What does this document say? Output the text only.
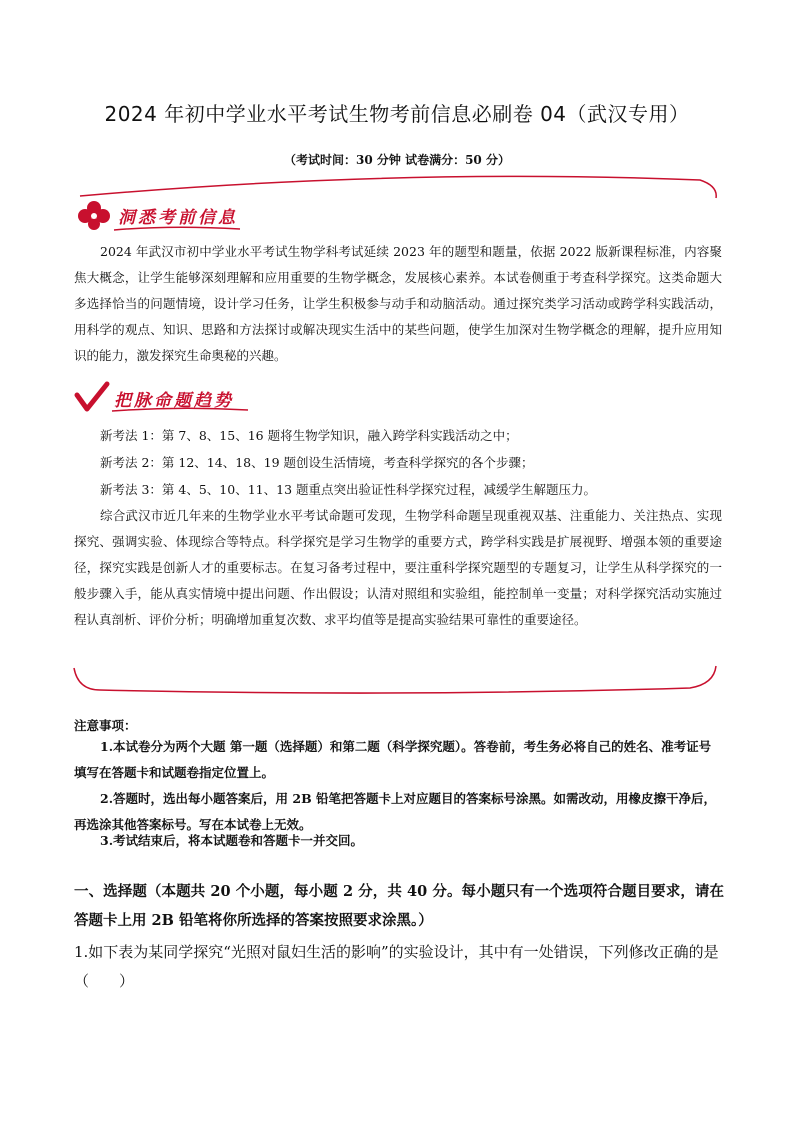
2024 年初中学业水平考试生物考前信息必刷卷 04（武汉专用）
（考试时间：30 分钟 试卷满分：50 分）
洞悉考前信息
2024 年武汉市初中学业水平考试生物学科考试延续 2023 年的题型和题量，依据 2022 版新课程标准，内容聚焦大概念，让学生能够深刻理解和应用重要的生物学概念，发展核心素养。本试卷侧重于考查科学探究。这类命题大多选择恰当的问题情境，设计学习任务，让学生积极参与动手和动脑活动。通过探究类学习活动或跨学科实践活动，用科学的观点、知识、思路和方法探讨或解决现实生活中的某些问题，使学生加深对生物学概念的理解，提升应用知识的能力，激发探究生命奥秘的兴趣。
把脉命题趋势
新考法 1：第 7、8、15、16 题将生物学知识，融入跨学科实践活动之中；
新考法 2：第 12、14、18、19 题创设生活情境，考查科学探究的各个步骤；
新考法 3：第 4、5、10、11、13 题重点突出验证性科学探究过程，减缓学生解题压力。
综合武汉市近几年来的生物学业水平考试命题可发现，生物学科命题呈现重视双基、注重能力、关注热点、实现探究、强调实验、体现综合等特点。科学探究是学习生物学的重要方式，跨学科实践是扩展视野、增强本领的重要途径，探究实践是创新人才的重要标志。在复习备考过程中，要注重科学探究题型的专题复习，让学生从科学探究的一般步骤入手，能从真实情境中提出问题、作出假设；认清对照组和实验组，能控制单一变量；对科学探究活动实施过程认真剖析、评价分析；明确增加重复次数、求平均值等是提高实验结果可靠性的重要途径。
注意事项：
1.本试卷分为两个大题 第一题（选择题）和第二题（科学探究题）。答卷前，考生务必将自己的姓名、准考证号填写在答题卡和试题卷指定位置上。
2.答题时，选出每小题答案后，用 2B 铅笔把答题卡上对应题目的答案标号涂黑。如需改动，用橡皮擦干净后，再选涂其他答案标号。写在本试卷上无效。
3.考试结束后，将本试题卷和答题卡一并交回。
一、选择题（本题共 20 个小题，每小题 2 分，共 40 分。每小题只有一个选项符合题目要求，请在答题卡上用 2B 铅笔将你所选择的答案按照要求涂黑。）
1.如下表为某同学探究“光照对鼠妇生活的影响”的实验设计，其中有一处错误，下列修改正确的是（　　）
